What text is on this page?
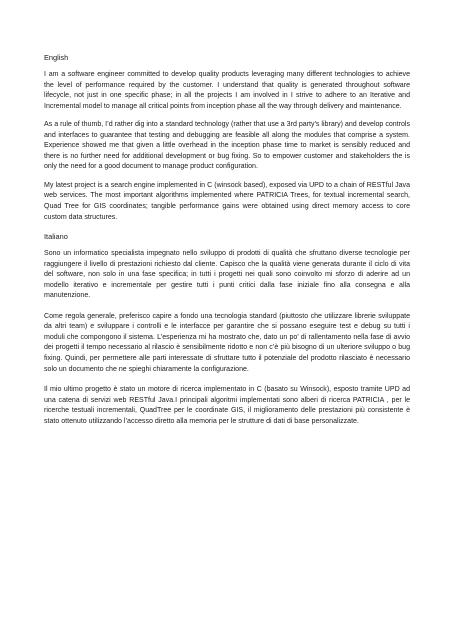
English

I am a software engineer committed to develop quality products leveraging many different technologies to achieve the level of performance required by the customer. I understand that quality is generated throughout software lifecycle, not just in one specific phase; in all the projects I am involved in I strive to adhere to an Iterative and Incremental model to manage all critical points from inception phase all the way through delivery and maintenance.

As a rule of thumb, I’d rather dig into a standard technology (rather that use a 3rd party’s library) and develop controls and interfaces to guarantee that testing and debugging are feasible all along the modules that comprise a system. Experience showed me that given a little overhead in the inception phase time to market is sensibly reduced and there is no further need for additional development or bug fixing. So to empower customer and stakeholders the is only the need for a good document to manage product configuration.

My latest project is a search engine implemented in C (winsock based), exposed via UPD to a chain of RESTful Java web services. The most important algorithms implemented where PATRICIA Trees, for textual incremental search, Quad Tree for GIS coordinates; tangible performance gains were obtained using direct memory access to core custom data structures.

Italiano

Sono un informatico specialista impegnato nello sviluppo di prodotti di qualità che sfruttano diverse tecnologie per raggiungere il livello di prestazioni richiesto dal cliente. Capisco che la qualità viene generata durante il ciclo di vita del software, non solo in una fase specifica; in tutti i progetti nei quali sono coinvolto mi sforzo di aderire ad un modello iterativo e incrementale per gestire tutti i punti critici dalla fase iniziale fino alla consegna e alla manutenzione.

Come regola generale, preferisco capire a fondo una tecnologia standard (piuttosto che utilizzare librerie sviluppate da altri team) e sviluppare i controlli e le interfacce per garantire che si possano eseguire test e debug su tutti i moduli che compongono il sistema. L’esperienza mi ha mostrato che, dato un po’ di rallentamento nella fase di avvio dei progetti il tempo necessario al rilascio è sensibilmente ridotto e non c’è più bisogno di un ulteriore sviluppo o bug fixing. Quindi, per permettere alle parti interessate di sfruttare tutto il potenziale del prodotto rilasciato è necessario solo un documento che ne spieghi chiaramente la configurazione.

Il mio ultimo progetto è stato un motore di ricerca implementato in C (basato su Winsock), esposto tramite UPD ad una catena di servizi web RESTful Java.I principali algoritmi implementati sono alberi di ricerca PATRICIA , per le ricerche testuali incrementali, QuadTree per le coordinate GIS, il miglioramento delle prestazioni più consistente è stato ottenuto utilizzando l’accesso diretto alla memoria per le strutture di dati di base personalizzate.
